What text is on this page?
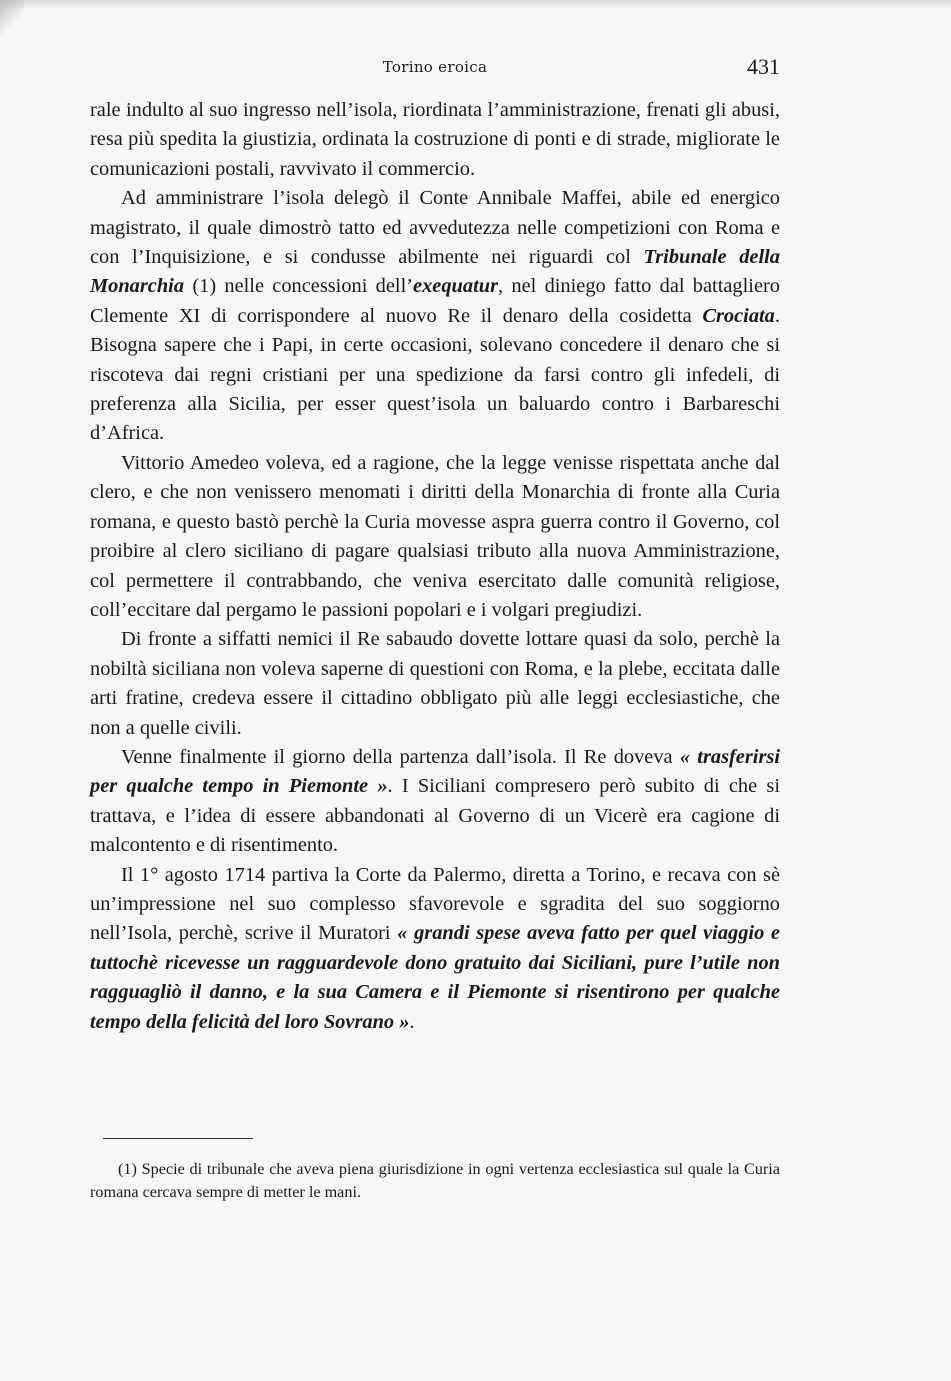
Torino eroica	431

rale indulto al suo ingresso nell’isola, riordinata l’amministrazione, frenati gli abusi, resa più spedita la giustizia, ordinata la costruzione di ponti e di strade, migliorate le comunicazioni postali, ravvivato il commercio.

Ad amministrare l’isola delegò il Conte Annibale Maffei, abile ed energico magistrato, il quale dimostrò tatto ed avvedutezza nelle competizioni con Roma e con l’Inquisizione, e si condusse abilmente nei riguardi col Tribunale della Monarchia (1) nelle concessioni dell’exequatur, nel diniego fatto dal battagliero Clemente XI di corrispondere al nuovo Re il denaro della cosidetta Crociata. Bisogna sapere che i Papi, in certe occasioni, solevano concedere il denaro che si riscoteva dai regni cristiani per una spedizione da farsi contro gli infedeli, di preferenza alla Sicilia, per esser quest’isola un baluardo contro i Barbareschi d’Africa.

Vittorio Amedeo voleva, ed a ragione, che la legge venisse rispettata anche dal clero, e che non venissero menomati i diritti della Monarchia di fronte alla Curia romana, e questo bastò perchè la Curia movesse aspra guerra contro il Governo, col proibire al clero siciliano di pagare qualsiasi tributo alla nuova Amministrazione, col permettere il contrabbando, che veniva esercitato dalle comunità religiose, coll’eccitare dal pergamo le passioni popolari e i volgari pregiudizi.

Di fronte a siffatti nemici il Re sabaudo dovette lottare quasi da solo, perchè la nobiltà siciliana non voleva saperne di questioni con Roma, e la plebe, eccitata dalle arti fratine, credeva essere il cittadino obbligato più alle leggi ecclesiastiche, che non a quelle civili.

Venne finalmente il giorno della partenza dall’isola. Il Re doveva « trasferirsi per qualche tempo in Piemonte ». I Siciliani compresero però subito di che si trattava, e l’idea di essere abbandonati al Governo di un Vicerè era cagione di malcontento e di risentimento.

Il 1° agosto 1714 partiva la Corte da Palermo, diretta a Torino, e recava con sè un’impressione nel suo complesso sfavorevole e sgradita del suo soggiorno nell’Isola, perchè, scrive il Muratori « grandi spese aveva fatto per quel viaggio e tuttochè ricevesse un ragguardevole dono gratuito dai Siciliani, pure l’utile non ragguagliò il danno, e la sua Camera e il Piemonte si risentirono per qualche tempo della felicità del loro Sovrano ».

(1) Specie di tribunale che aveva piena giurisdizione in ogni vertenza ecclesiastica sul quale la Curia romana cercava sempre di metter le mani.
